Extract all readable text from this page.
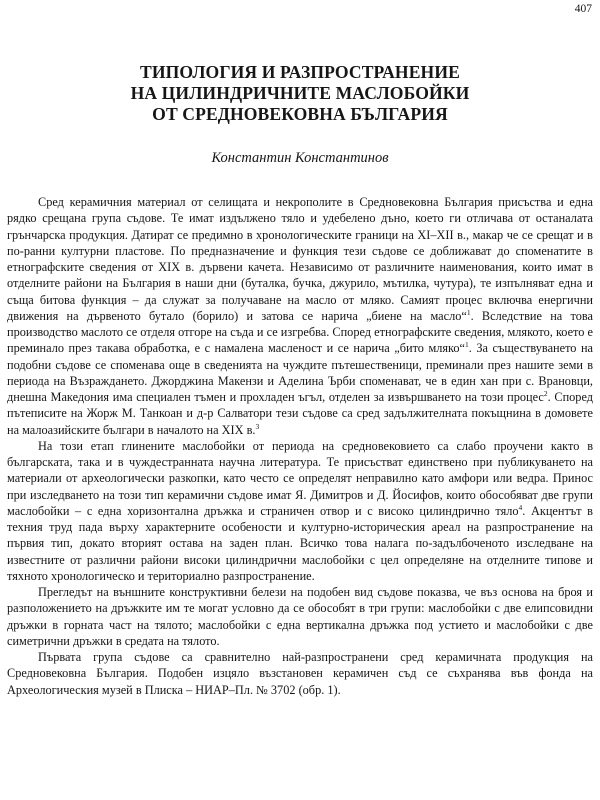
407
ТИПОЛОГИЯ И РАЗПРОСТРАНЕНИЕ
НА ЦИЛИНДРИЧНИТЕ МАСЛОБОЙКИ
ОТ СРЕДНОВЕКОВНА БЪЛГАРИЯ
Константин Константинов

Сред керамичния материал от селищата и некрополите в Средновековна България присъства и една рядко срещана група съдове. Те имат издължено тяло и удебелено дъно, което ги отличава от останалата грънчарска продукция. Датират се предимно в хронологическите граници на XI–XII в., макар че се срещат и в по-ранни културни пластове. По предназначение и функция тези съдове се доближават до споменатите в етнографските сведения от XIX в. дървени качета. Независимо от различните наименования, които имат в отделните райони на България в наши дни (буталка, бучка, джурило, мътилка, чутура), те изпълняват една и съща битова функция – да служат за получаване на масло от мляко. Самият процес включва енергични движения на дървеното бутало (борило) и затова се нарича „биене на масло“$^1$. Вследствие на това производство маслото се отделя отгоре на съда и се изгребва. Според етнографските сведения, млякото, което е преминало през такава обработка, е с намалена масленост и се нарича „бито мляко“$^1$. За съществуването на подобни съдове се споменава още в сведенията на чуждите пътешественици, преминали през нашите земи в периода на Възраждането. Джорджина Макензи и Аделина Ърби споменават, че в един хан при с. Врановци, днешна Македония има специален тъмен и прохладен ъгъл, отделен за извършването на този процес$^2$. Според пътеписите на Жорж М. Танкоан и д-р Салватори тези съдове са сред задължителната покъщнина в домовете на малоазийските българи в началото на XIX в.$^3$

На този етап глинените маслобойки от периода на средновековието са слабо проучени както в българската, така и в чуждестранната научна литература. Те присъстват единствено при публикуването на материали от археологически разкопки, като често се определят неправилно като амфори или ведра. Принос при изследването на този тип керамични съдове имат Я. Димитров и Д. Йосифов, които обособяват две групи маслобойки – с една хоризонтална дръжка и страничен отвор и с високо цилиндрично тяло$^4$. Акцентът в техния труд пада върху характерните особености и културно-историческия ареал на разпространение на първия тип, докато вторият остава на заден план. Всичко това налага по-задълбоченото изследване на известните от различни райони високи цилиндрични маслобойки с цел определяне на отделните типове и тяхното хронологическо и териториално разпространение.

Прегледът на външните конструктивни белези на подобен вид съдове показва, че въз основа на броя и разположението на дръжките им те могат условно да се обособят в три групи: маслобойки с две елипсовидни дръжки в горната част на тялото; маслобойки с една вертикална дръжка под устието и маслобойки с две симетрични дръжки в средата на тялото.

Първата група съдове са сравнително най-разпространени сред керамичната продукция на Средновековна България. Подобен изцяло възстановен керамичен съд се съхранява във фонда на Археологическия музей в Плиска – НИАР–Пл. № 3702 (обр. 1).
